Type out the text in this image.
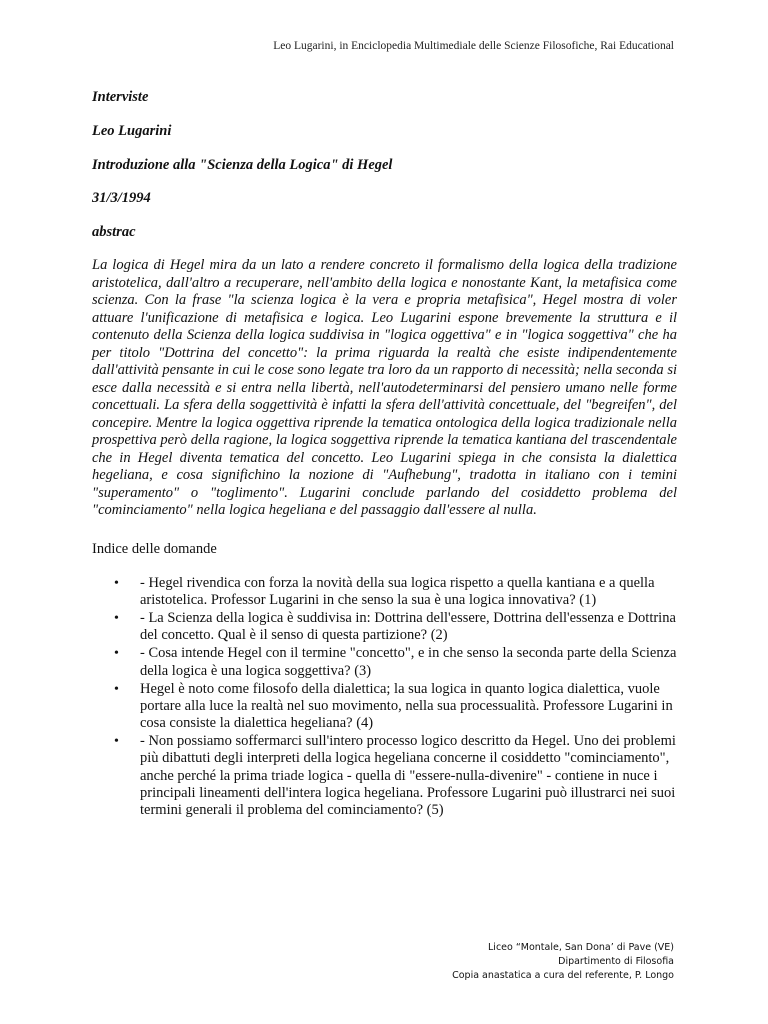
Leo Lugarini, in Enciclopedia Multimediale delle Scienze Filosofiche, Rai Educational

Interviste

Leo Lugarini

Introduzione alla "Scienza della Logica" di Hegel

31/3/1994

abstrac

La logica di Hegel mira da un lato a rendere concreto il formalismo della logica della tradizione aristotelica, dall'altro a recuperare, nell'ambito della logica e nonostante Kant, la metafisica come scienza. Con la frase "la scienza logica è la vera e propria metafisica", Hegel mostra di voler attuare l'unificazione di metafisica e logica. Leo Lugarini espone brevemente la struttura e il contenuto della Scienza della logica suddivisa in "logica oggettiva" e in "logica soggettiva" che ha per titolo "Dottrina del concetto": la prima riguarda la realtà che esiste indipendentemente dall'attività pensante in cui le cose sono legate tra loro da un rapporto di necessità; nella seconda si esce dalla necessità e si entra nella libertà, nell'autodeterminarsi del pensiero umano nelle forme concettuali. La sfera della soggettività è infatti la sfera dell'attività concettuale, del "begreifen", del concepire. Mentre la logica oggettiva riprende la tematica ontologica della logica tradizionale nella prospettiva però della ragione, la logica soggettiva riprende la tematica kantiana del trascendentale che in Hegel diventa tematica del concetto. Leo Lugarini spiega in che consista la dialettica hegeliana, e cosa significhino la nozione di "Aufhebung", tradotta in italiano con i temini "superamento" o "toglimento". Lugarini conclude parlando del cosiddetto problema del "cominciamento" nella logica hegeliana e del passaggio dall'essere al nulla.

Indice delle domande

• - Hegel rivendica con forza la novità della sua logica rispetto a quella kantiana e a quella aristotelica. Professor Lugarini in che senso la sua è una logica innovativa? (1)
• - La Scienza della logica è suddivisa in: Dottrina dell'essere, Dottrina dell'essenza e Dottrina del concetto. Qual è il senso di questa partizione? (2)
• - Cosa intende Hegel con il termine "concetto", e in che senso la seconda parte della Scienza della logica è una logica soggettiva? (3)
• Hegel è noto come filosofo della dialettica; la sua logica in quanto logica dialettica, vuole portare alla luce la realtà nel suo movimento, nella sua processualità. Professore Lugarini in cosa consiste la dialettica hegeliana? (4)
• - Non possiamo soffermarci sull'intero processo logico descritto da Hegel. Uno dei problemi più dibattuti degli interpreti della logica hegeliana concerne il cosiddetto "cominciamento", anche perché la prima triade logica - quella di "essere-nulla-divenire" - contiene in nuce i principali lineamenti dell'intera logica hegeliana. Professore Lugarini può illustrarci nei suoi termini generali il problema del cominciamento? (5)
Liceo “Montale, San Dona’ di Pave (VE)
Dipartimento di Filosofia
Copia anastatica a cura del referente, P. Longo
